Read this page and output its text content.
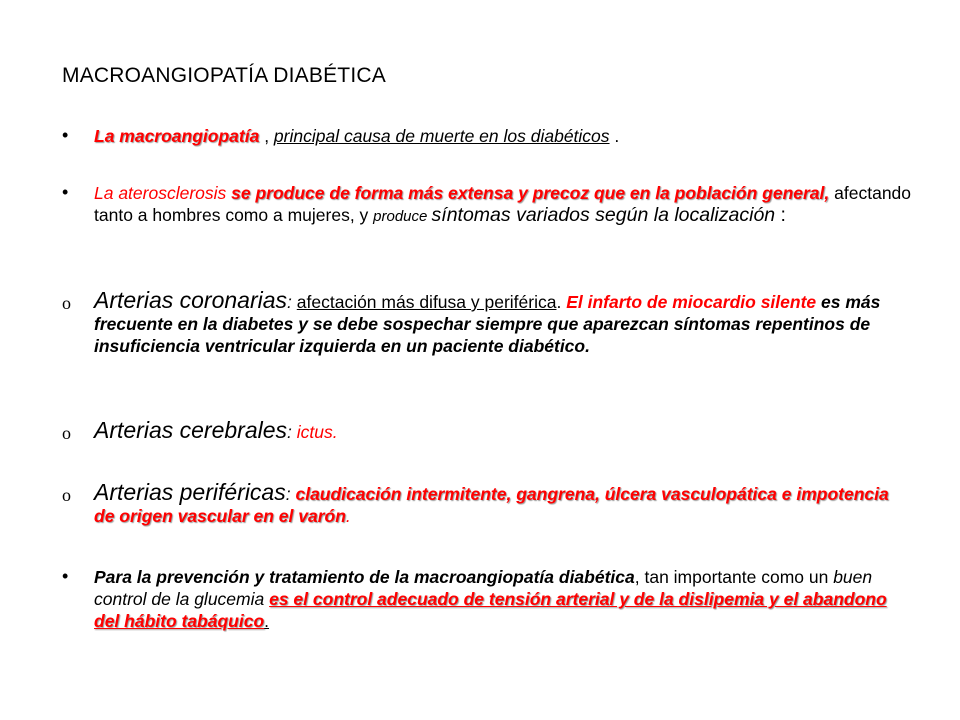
MACROANGIOPATÍA DIABÉTICA
•	La macroangiopatía , principal causa de muerte en los diabéticos .
•	La aterosclerosis se produce de forma más extensa y precoz que en la población general, afectando tanto a hombres como a mujeres, y produce síntomas variados según la localización :
o	Arterias coronarias: afectación más difusa y periférica. El infarto de miocardio silente es más frecuente en la diabetes y se debe sospechar siempre que aparezcan síntomas repentinos de insuficiencia ventricular izquierda en un paciente diabético.
o	Arterias cerebrales: ictus.
o	Arterias periféricas: claudicación intermitente, gangrena, úlcera vasculopática e impotencia de origen vascular en el varón.
•	Para la prevención y tratamiento de la macroangiopatía diabética, tan importante como un buen control de la glucemia es el control adecuado de tensión arterial y de la dislipemia y el abandono del hábito tabáquico.
